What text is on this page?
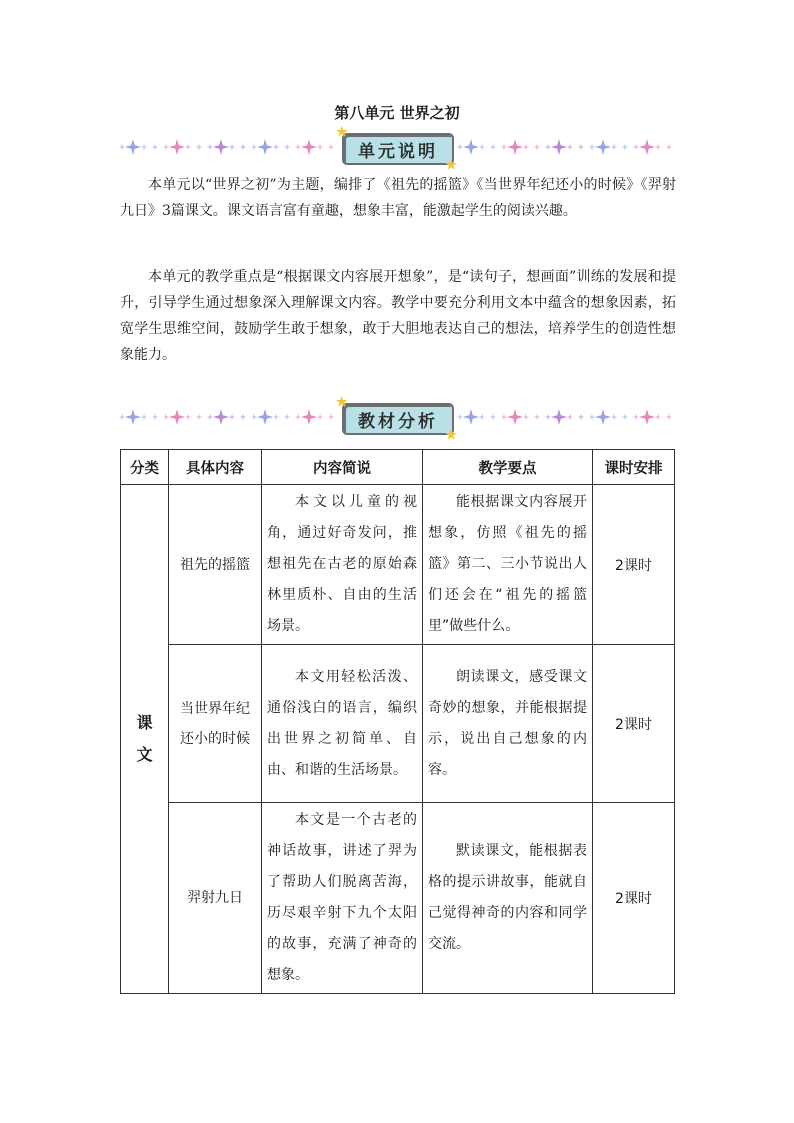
第八单元 世界之初
★
单元说明
★

本单元以“世界之初”为主题，编排了《祖先的摇篮》《当世界年纪还小的时候》《羿射九日》3篇课文。课文语言富有童趣，想象丰富，能激起学生的阅读兴趣。

本单元的教学重点是“根据课文内容展开想象”，是“读句子，想画面”训练的发展和提升，引导学生通过想象深入理解课文内容。教学中要充分利用文本中蕴含的想象因素，拓宽学生思维空间，鼓励学生敢于想象，敢于大胆地表达自己的想法，培养学生的创造性想象能力。

★
教材分析
★
分类	具体内容	内容简说	教学要点	课时安排
课文	祖先的摇篮	本文以儿童的视角，通过好奇发问，推想祖先在古老的原始森林里质朴、自由的生活场景。	能根据课文内容展开想象，仿照《祖先的摇篮》第二、三小节说出人们还会在“祖先的摇篮里”做些什么。	2课时
	当世界年纪还小的时候	本文用轻松活泼、通俗浅白的语言，编织出世界之初简单、自由、和谐的生活场景。	朗读课文，感受课文奇妙的想象，并能根据提示，说出自己想象的内容。	2课时
	羿射九日	本文是一个古老的神话故事，讲述了羿为了帮助人们脱离苦海，历尽艰辛射下九个太阳的故事，充满了神奇的想象。	默读课文，能根据表格的提示讲故事，能就自己觉得神奇的内容和同学交流。	2课时
